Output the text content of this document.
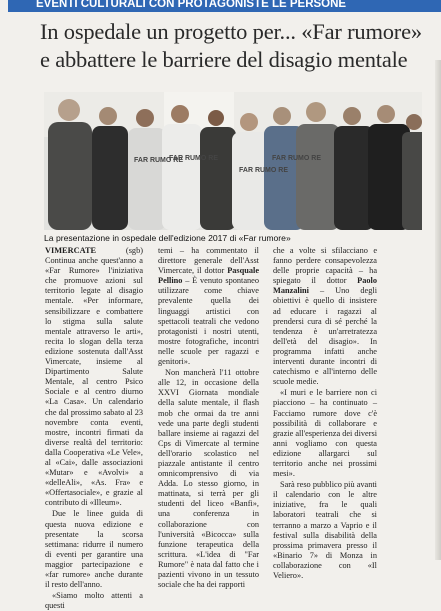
EVENTI CULTURALI CON PROTAGONISTE LE PERSONE
In ospedale un progetto per... «Far rumore»
e abbattere le barriere del disagio mentale
FAR RUMO RE
FAR RUMO RE
FAR RUMO RE
FAR RUMO RE
La presentazione in ospedale dell'edizione 2017 di «Far rumore»

VIMERCATE (sgb) Continua anche quest'anno a «Far Rumore» l'iniziativa che promuove azioni sul territorio legate al disagio mentale. «Per informare, sensibilizzare e combattere lo stigma sulla salute mentale attraverso le arti», recita lo slogan della terza edizione sostenuta dall'Asst Vimercate, insieme al Dipartimento Salute Mentale, al centro Psico Sociale e al centro diurno «La Casa». Un calendario che dal prossimo sabato al 23 novembre conta eventi, mostre, incontri firmati da diverse realtà del territorio: dalla Cooperativa «Le Vele», al «Cai», dalle associazioni «Mutar» e «Avolvi» a «delleAli», «As. Fra» e «Offertasociale», e grazie al contributo di «Illeum».

Due le linee guida di questa nuova edizione e presentate la scorsa settimana: ridurre il numero di eventi per garantire una maggior partecipazione e «far rumore» anche durante il resto dell'anno.

«Siamo molto attenti a questi

temi – ha commentato il direttore generale dell'Asst Vimercate, il dottor Pasquale Pellino – È venuto spontaneo utilizzare come chiave prevalente quella dei linguaggi artistici con spettacoli teatrali che vedono protagonisti i nostri utenti, mostre fotografiche, incontri nelle scuole per ragazzi e genitori».

Non mancherà l'11 ottobre alle 12, in occasione della XXVI Giornata mondiale della salute mentale, il flash mob che ormai da tre anni vede una parte degli studenti ballare insieme ai ragazzi del Cps di Vimercate al termine dell'orario scolastico nel piazzale antistante il centro omnicomprensivo di via Adda. Lo stesso giorno, in mattinata, si terrà per gli studenti del liceo «Banfi», una conferenza in collaborazione con l'università «Bicocca» sulla funzione terapeutica della scrittura. «L'idea di "Far Rumore" è nata dal fatto che i pazienti vivono in un tessuto sociale che ha dei rapporti

che a volte si sfilacciano e fanno perdere consapevolezza delle proprie capacità – ha spiegato il dottor Paolo Manzalini – Uno degli obiettivi è quello di insistere ad educare i ragazzi al prendersi cura di sé perché la tendenza è un'arretratezza dell'età del disagio». In programma infatti anche interventi durante incontri di catechismo e all'interno delle scuole medie.

«I muri e le barriere non ci piacciono – ha continuato – Facciamo rumore dove c'è possibilità di collaborare e grazie all'esperienza dei diversi anni vogliamo con questa edizione allargarci sul territorio anche nei prossimi mesi».

Sarà reso pubblico più avanti il calendario con le altre iniziative, fra le quali laboratori teatrali che si terranno a marzo a Vaprio e il festival sulla disabilità della prossima primavera presso il «Binario 7» di Monza in collaborazione con «Il Veliero».
